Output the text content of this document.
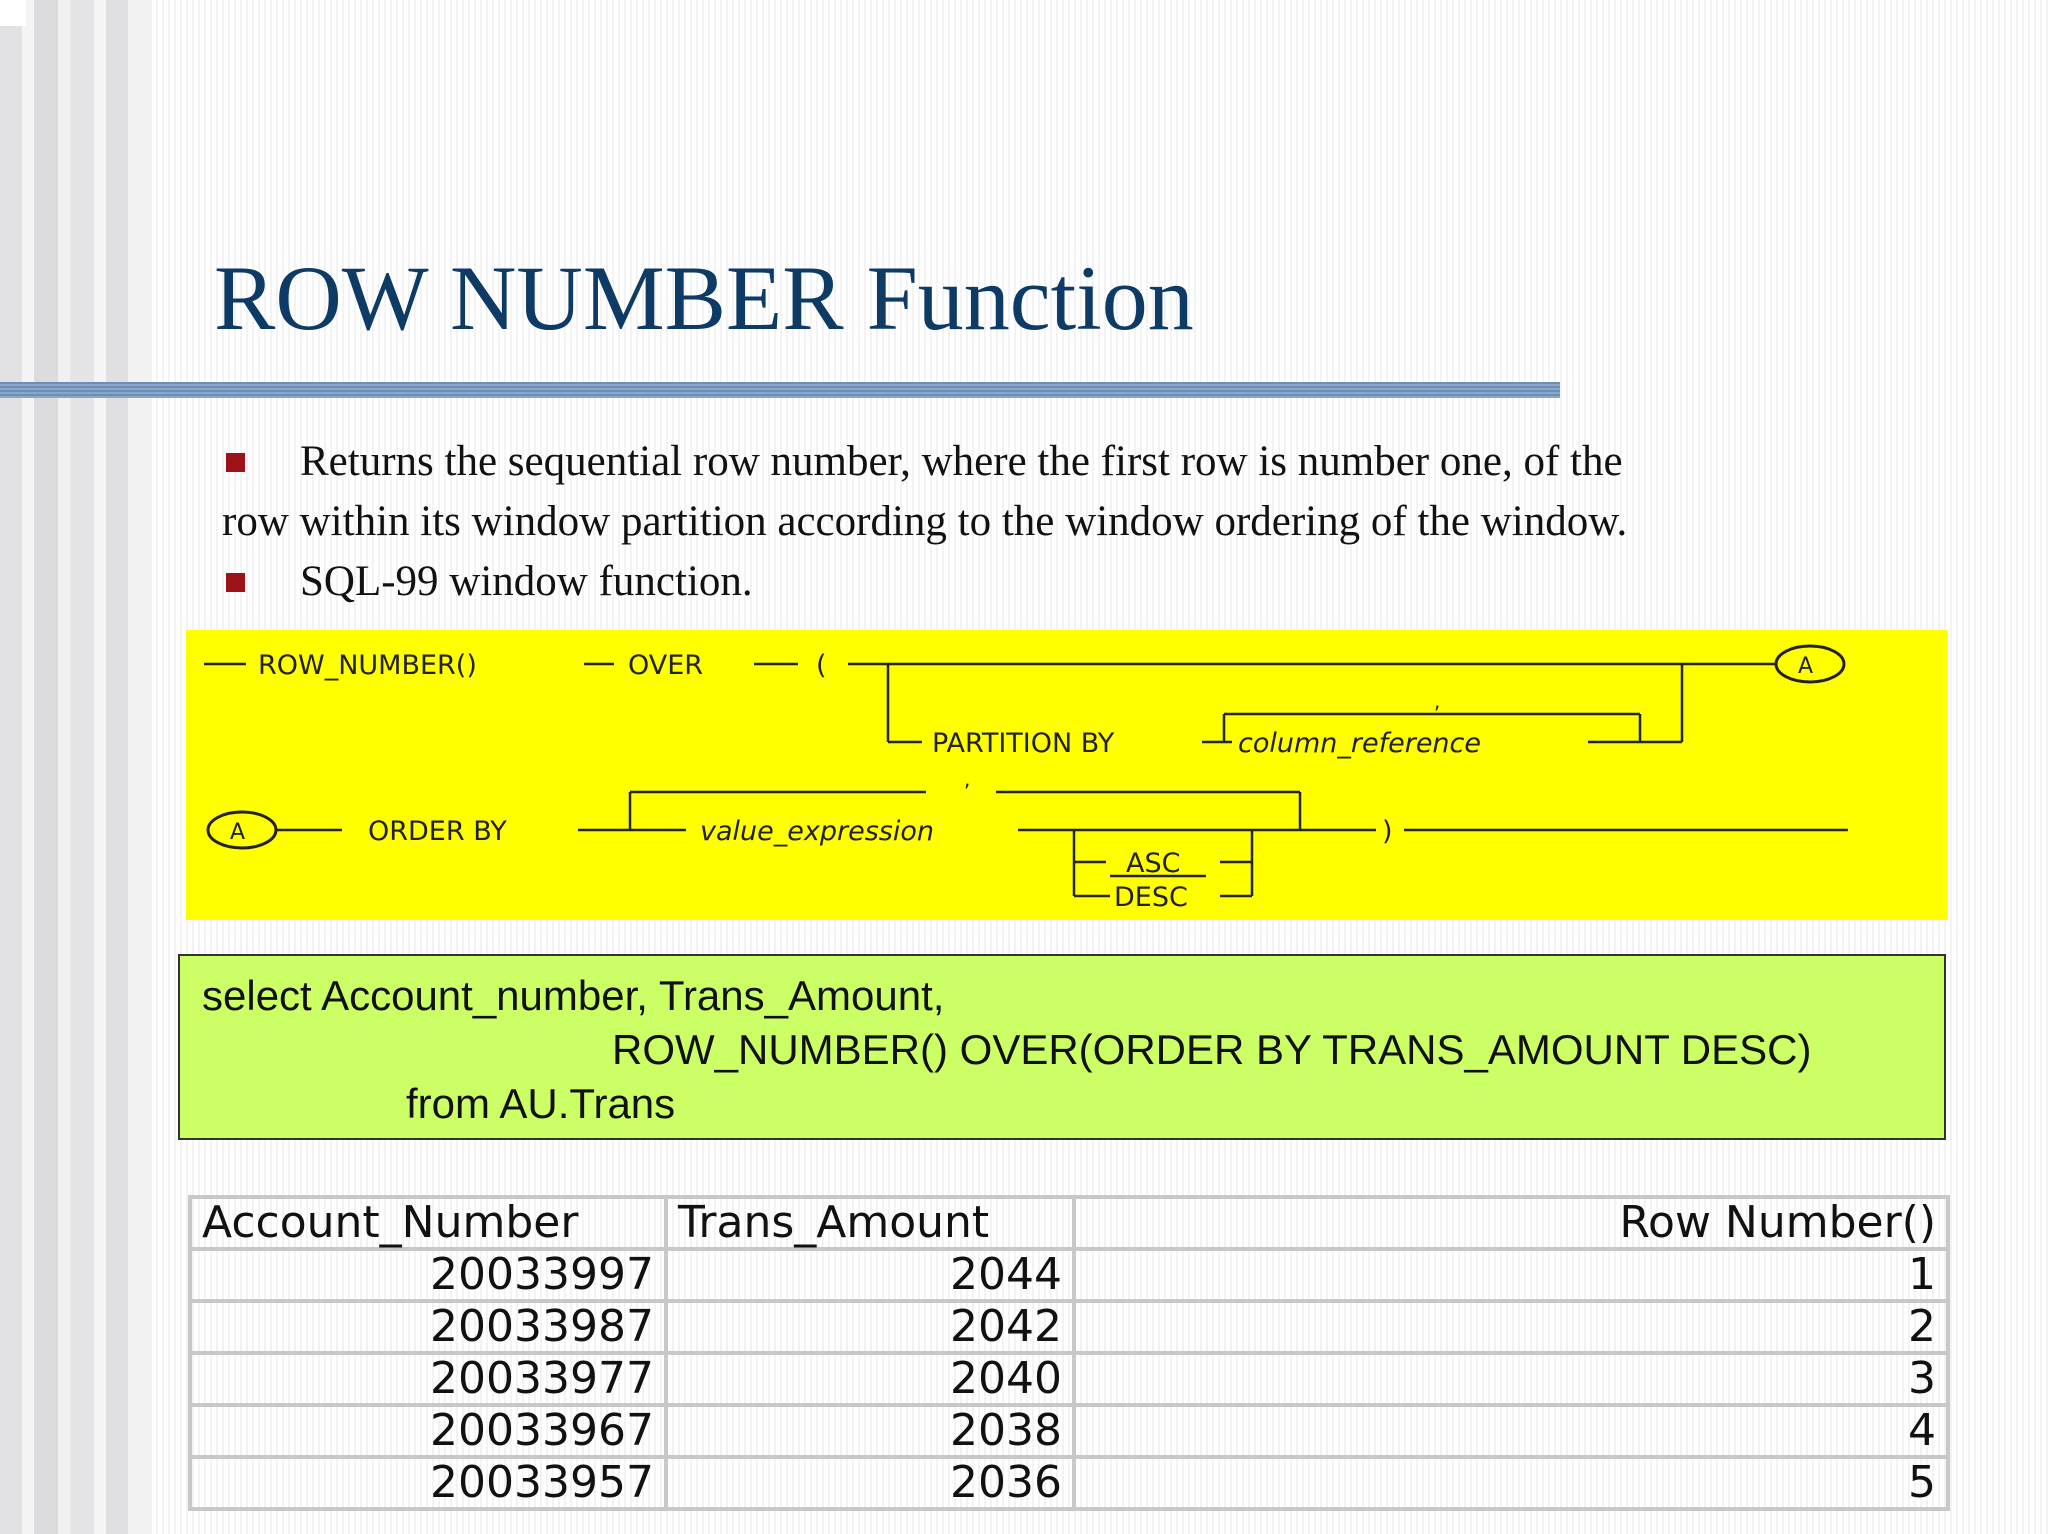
ROW NUMBER Function
Returns the sequential row number, where the first row is number one, of the
row within its window partition according to the window ordering of the window.
SQL-99 window function.
ROW_NUMBER()	OVER	(
PARTITION BY	column_reference
,
A
A	ORDER BY	value_expression
,
)
ASC
DESC
select Account_number, Trans_Amount,
ROW_NUMBER() OVER(ORDER BY TRANS_AMOUNT DESC)
from AU.Trans
Account_Number	Trans_Amount	Row Number()
20033997	2044	1
20033987	2042	2
20033977	2040	3
20033967	2038	4
20033957	2036	5
